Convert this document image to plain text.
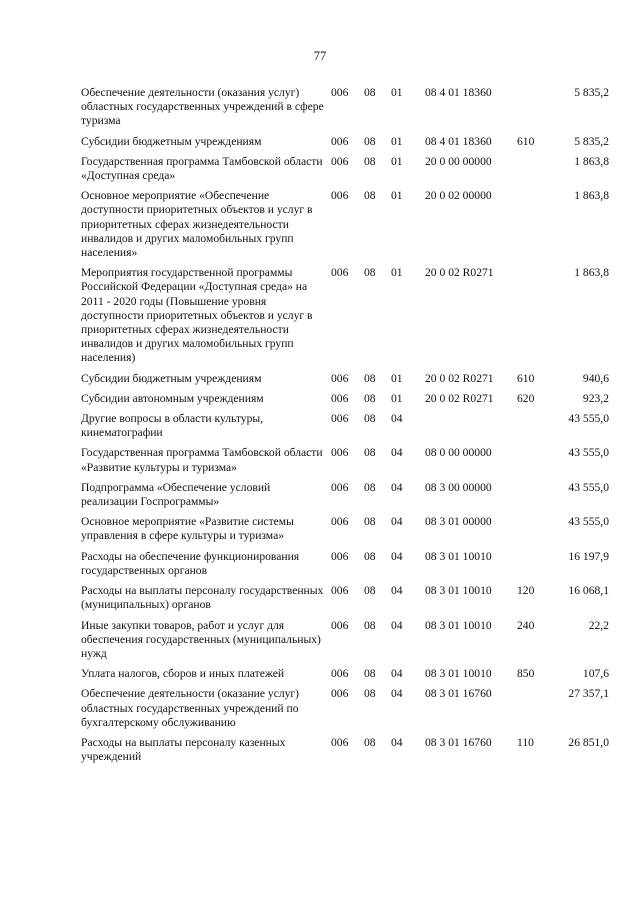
77
Обеспечение деятельности (оказания услуг) областных государственных учреждений в сфере туризма	006	08	01	08 4 01 18360		5 835,2
Субсидии бюджетным учреждениям	006	08	01	08 4 01 18360	610	5 835,2
Государственная программа Тамбовской области «Доступная среда»	006	08	01	20 0 00 00000		1 863,8
Основное мероприятие «Обеспечение доступности приоритетных объектов и услуг в приоритетных сферах жизнедеятельности инвалидов и других маломобильных групп населения»	006	08	01	20 0 02 00000		1 863,8
Мероприятия государственной программы Российской Федерации «Доступная среда» на 2011 - 2020 годы (Повышение уровня доступности приоритетных объектов и услуг в приоритетных сферах жизнедеятельности инвалидов и других маломобильных групп населения)	006	08	01	20 0 02 R0271		1 863,8
Субсидии бюджетным учреждениям	006	08	01	20 0 02 R0271	610	940,6
Субсидии автономным учреждениям	006	08	01	20 0 02 R0271	620	923,2
Другие вопросы в области культуры, кинематографии	006	08	04			43 555,0
Государственная программа Тамбовской области «Развитие культуры и туризма»	006	08	04	08 0 00 00000		43 555,0
Подпрограмма «Обеспечение условий реализации Госпрограммы»	006	08	04	08 3 00 00000		43 555,0
Основное мероприятие «Развитие системы управления в сфере культуры и туризма»	006	08	04	08 3 01 00000		43 555,0
Расходы на обеспечение функционирования государственных органов	006	08	04	08 3 01 10010		16 197,9
Расходы на выплаты персоналу государственных (муниципальных) органов	006	08	04	08 3 01 10010	120	16 068,1
Иные закупки товаров, работ и услуг для обеспечения государственных (муниципальных) нужд	006	08	04	08 3 01 10010	240	22,2
Уплата налогов, сборов и иных платежей	006	08	04	08 3 01 10010	850	107,6
Обеспечение деятельности (оказание услуг) областных государственных учреждений по бухгалтерскому обслуживанию	006	08	04	08 3 01 16760		27 357,1
Расходы на выплаты персоналу казенных учреждений	006	08	04	08 3 01 16760	110	26 851,0
